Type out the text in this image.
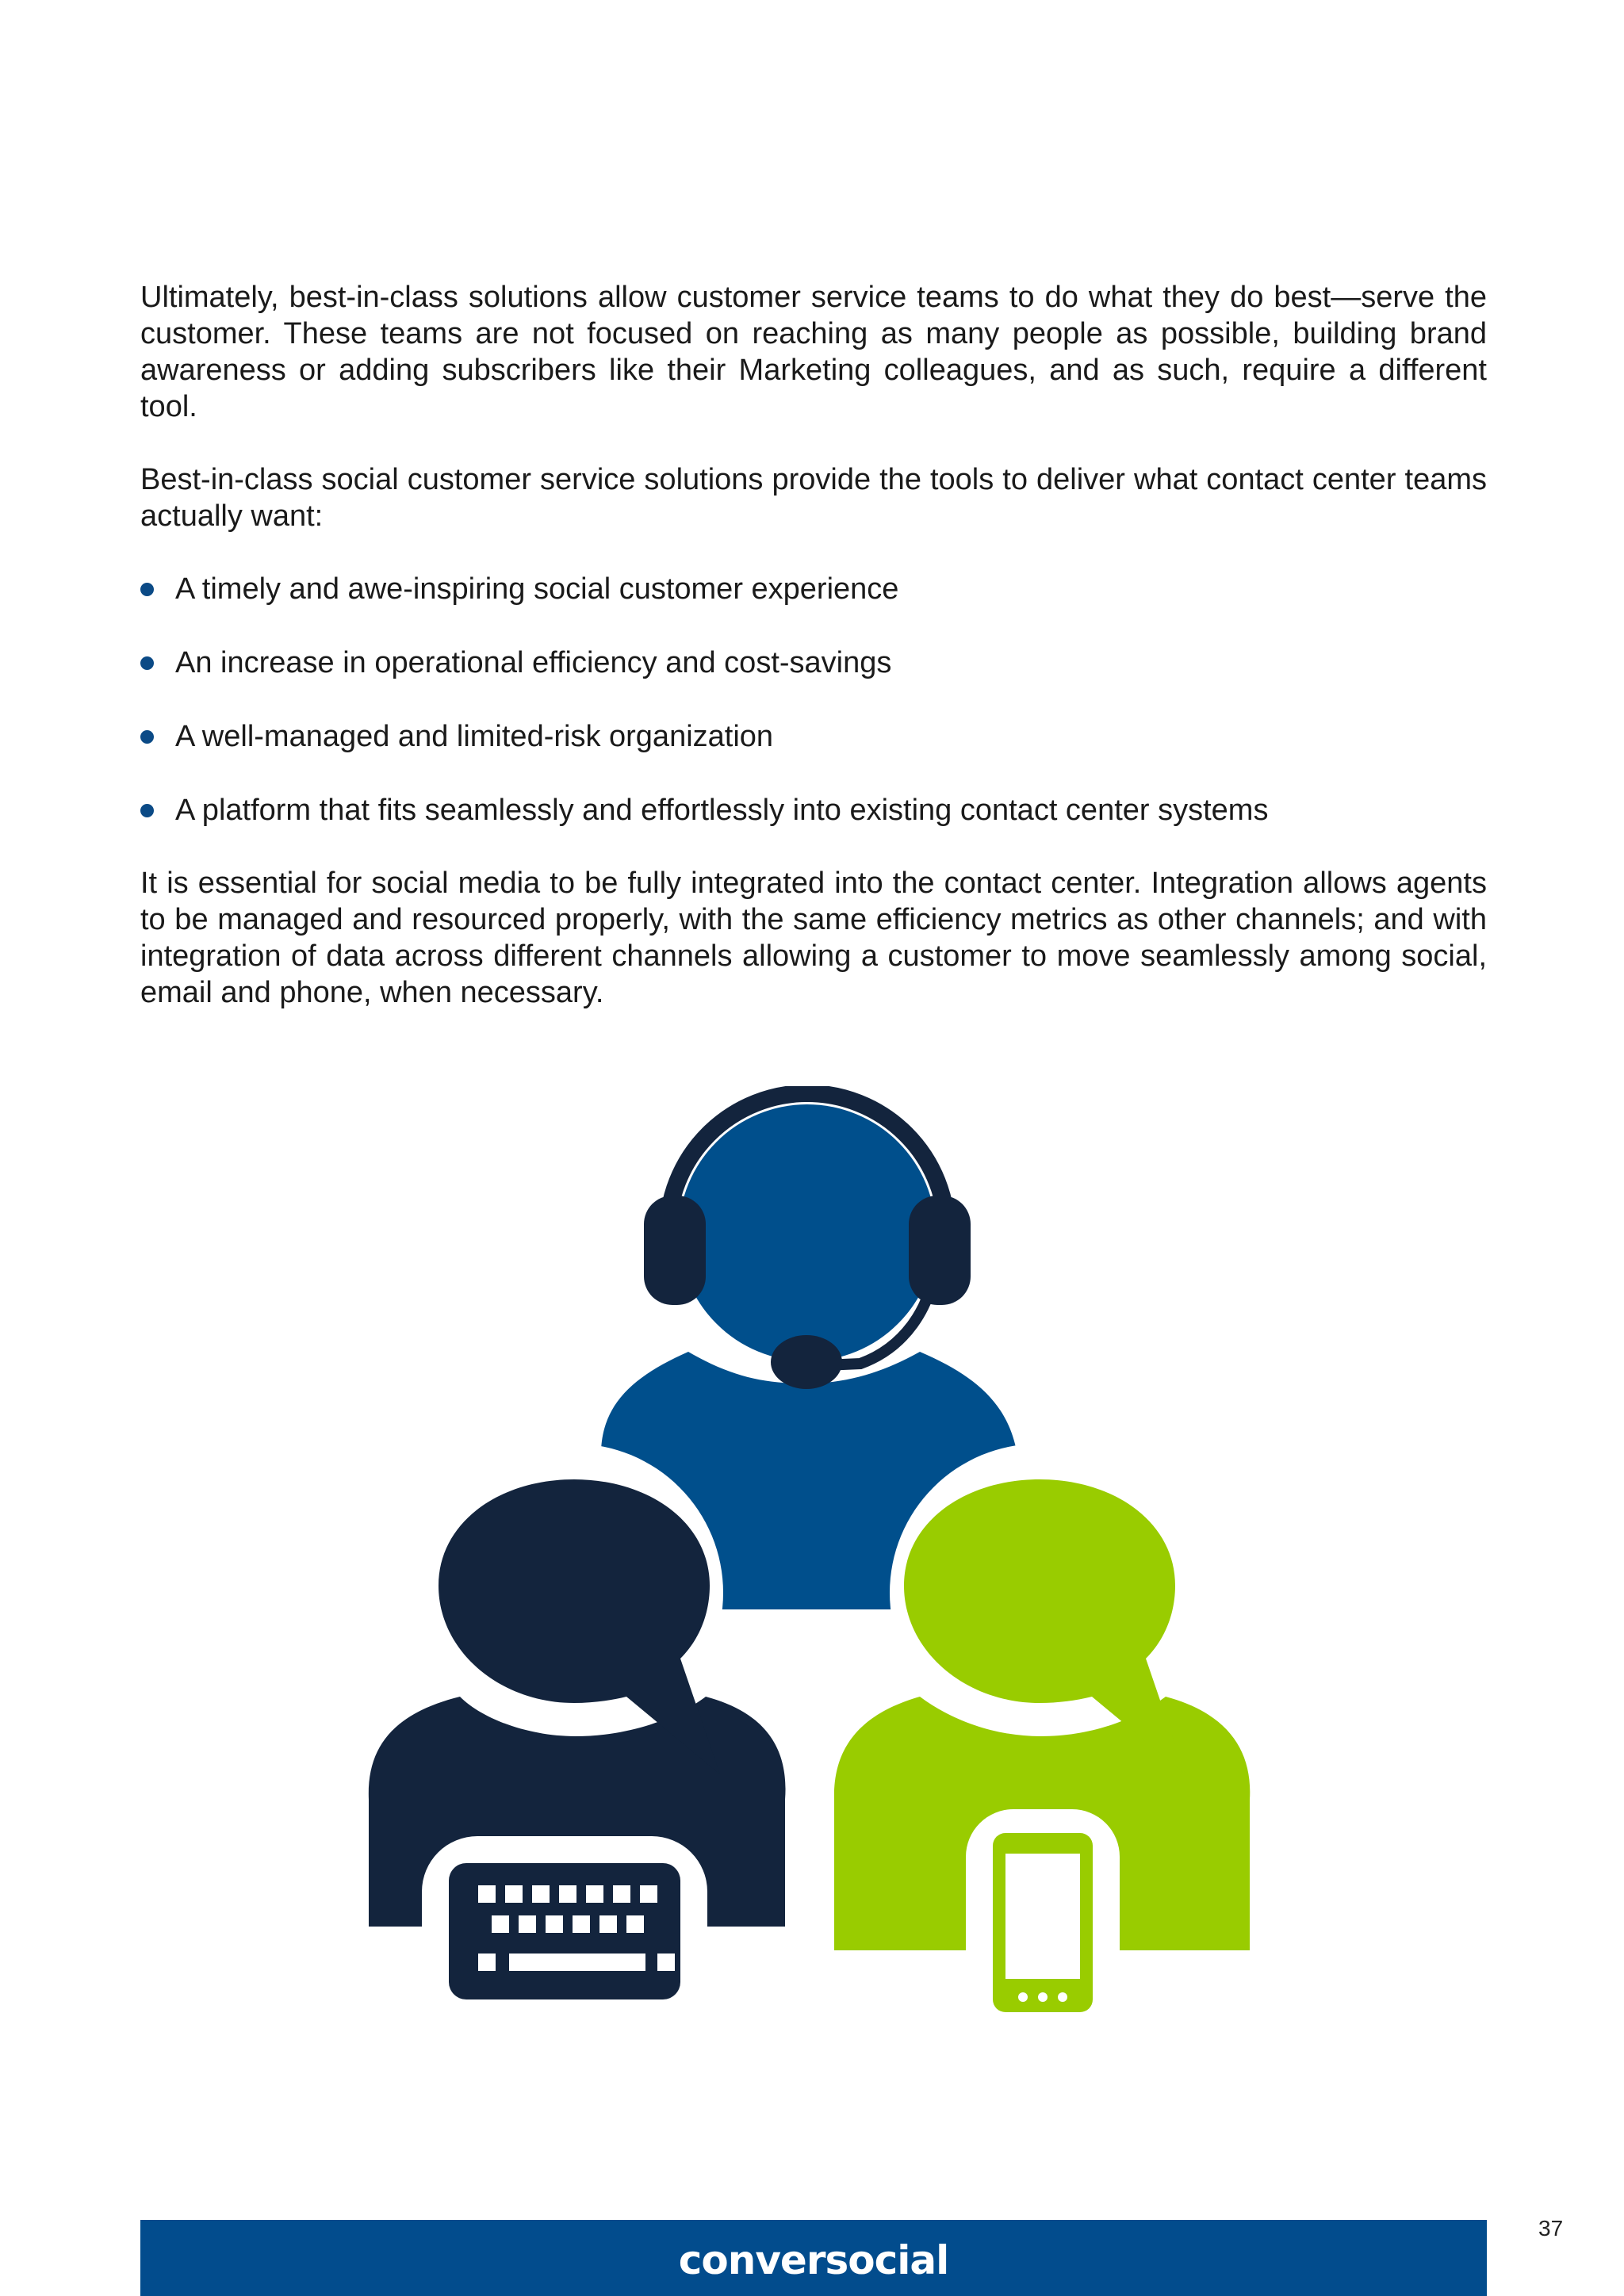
Ultimately, best-in-class solutions allow customer service teams to do what they do best—serve the customer. These teams are not focused on reaching as many people as possible, building brand awareness or adding subscribers like their Marketing colleagues, and as such, require a different tool.

Best-in-class social customer service solutions provide the tools to deliver what contact center teams actually want:

A timely and awe-inspiring social customer experience
An increase in operational efficiency and cost-savings
A well-managed and limited-risk organization
A platform that fits seamlessly and effortlessly into existing contact center systems

It is essential for social media to be fully integrated into the contact center. Integration allows agents to be managed and resourced properly, with the same efficiency metrics as other channels; and with integration of data across different channels allowing a customer to move seamlessly among social, email and phone, when necessary.

conversocial
37
